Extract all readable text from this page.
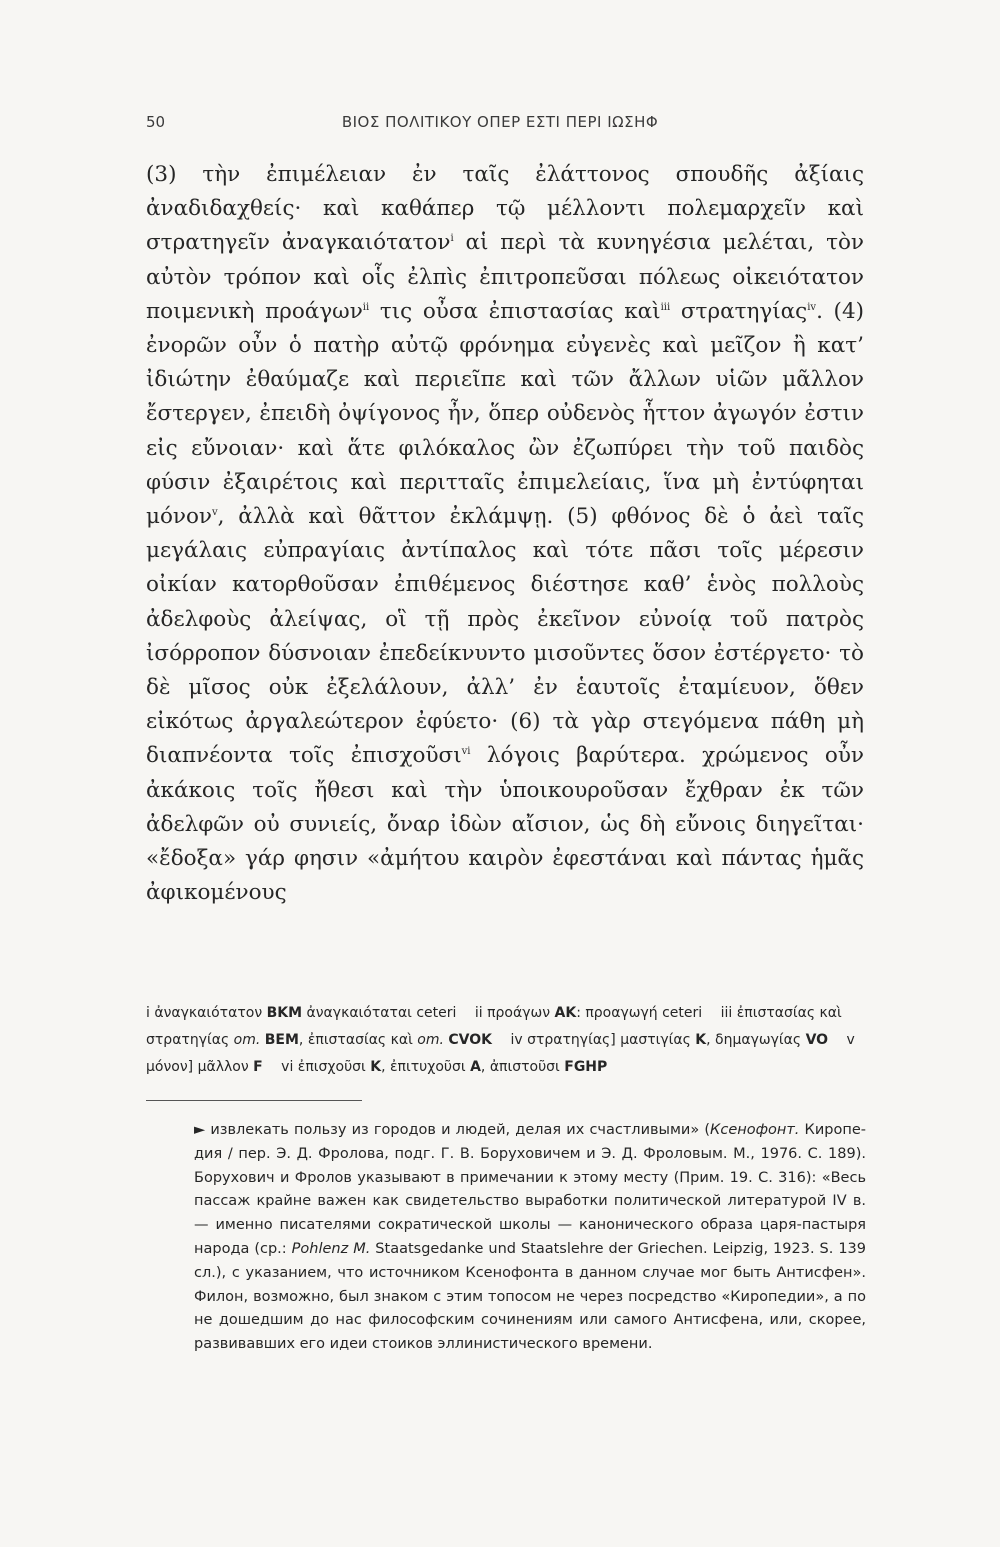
50	ΒΙΟΣ ΠΟΛΙΤΙΚΟΥ ΟΠΕΡ ΕΣΤΙ ΠΕΡΙ ΙΩΣΗΦ

(3) τὴν ἐπιμέλειαν ἐν ταῖς ἐλάττονος σπουδῆς ἀξίαις ἀναδιδαχθείς· καὶ καθάπερ τῷ μέλλοντι πολεμαρχεῖν καὶ στρατηγεῖν ἀναγκαιότατον$^i$ αἱ περὶ τὰ κυνηγέσια μελέται, τὸν αὐτὸν τρόπον καὶ οἷς ἐλπὶς ἐπιτροπεῦσαι πόλεως οἰκειότατον ποιμενικὴ προάγων$^{ii}$ τις οὖσα ἐπιστασίας καὶ$^{iii}$ στρατηγίας$^{iv}$. (4) ἐνορῶν οὖν ὁ πατὴρ αὐτῷ φρόνημα εὐγενὲς καὶ μεῖζον ἢ κατ’ ἰδιώτην ἐθαύμαζε καὶ περιεῖπε καὶ τῶν ἄλλων υἱῶν μᾶλλον ἔστεργεν, ἐπειδὴ ὀψίγονος ἦν, ὅπερ οὐδενὸς ἧττον ἀγωγόν ἐστιν εἰς εὔνοιαν· καὶ ἅτε φιλόκαλος ὢν ἐζωπύρει τὴν τοῦ παιδὸς φύσιν ἐξαιρέτοις καὶ περιτταῖς ἐπιμελείαις, ἵνα μὴ ἐντύφηται μόνον$^v$, ἀλλὰ καὶ θᾶττον ἐκλάμψῃ. (5) φθόνος δὲ ὁ ἀεὶ ταῖς μεγάλαις εὐπραγίαις ἀντίπαλος καὶ τότε πᾶσι τοῖς μέρεσιν οἰκίαν κατορθοῦσαν ἐπιθέμενος διέστησε καθ’ ἑνὸς πολλοὺς ἀδελφοὺς ἀλείψας, οἳ τῇ πρὸς ἐκεῖνον εὐνοίᾳ τοῦ πατρὸς ἰσόρροπον δύσνοιαν ἐπεδείκνυντο μισοῦντες ὅσον ἐστέργετο· τὸ δὲ μῖσος οὐκ ἐξελάλουν, ἀλλ’ ἐν ἑαυτοῖς ἐταμίευον, ὅθεν εἰκότως ἀργαλεώτερον ἐφύετο· (6) τὰ γὰρ στεγόμενα πάθη μὴ διαπνέοντα τοῖς ἐπισχοῦσι$^{vi}$ λόγοις βαρύτερα. χρώμενος οὖν ἀκάκοις τοῖς ἤθεσι καὶ τὴν ὑποικουροῦσαν ἔχθραν ἐκ τῶν ἀδελφῶν οὐ συνιείς, ὄναρ ἰδὼν αἴσιον, ὡς δὴ εὔνοις διηγεῖται· «ἔδοξα» γάρ φησιν «ἀμήτου καιρὸν ἐφεστάναι καὶ πάντας ἡμᾶς ἀφικομένους

i ἀναγκαιότατον BKM ἀναγκαιόταται ceteri ii προάγων AK: προαγωγή ceteri iii ἐπιστασίας καὶ στρατηγίας om. BEM, ἐπιστασίας καὶ om. CVOK iv στρατηγίας] μαστιγίας K, δημαγωγίας VO v μόνον] μᾶλλον F vi ἐπισχοῦσι K, ἐπιτυχοῦσι A, ἀπιστοῦσι FGHP
► извлекать пользу из городов и людей, делая их счастливыми» (Ксенофонт. Киропедия / пер. Э. Д. Фролова, подг. Г. В. Боруховичем и Э. Д. Фроловым. М., 1976. С. 189). Борухович и Фролов указывают в примечании к этому месту (Прим. 19. С. 316): «Весь пассаж крайне важен как свидетельство выработки политической литературой IV в. — именно писателями сократической школы — канонического образа царя-пастыря народа (ср.: Pohlenz M. Staatsgedanke und Staatslehre der Griechen. Leipzig, 1923. S. 139 сл.), с указанием, что источником Ксенофонта в данном случае мог быть Антисфен». Филон, возможно, был знаком с этим топосом не через посредство «Киропедии», а по не дошедшим до нас философским сочинениям или самого Антисфена, или, скорее, развивавших его идеи стоиков эллинистического времени.
